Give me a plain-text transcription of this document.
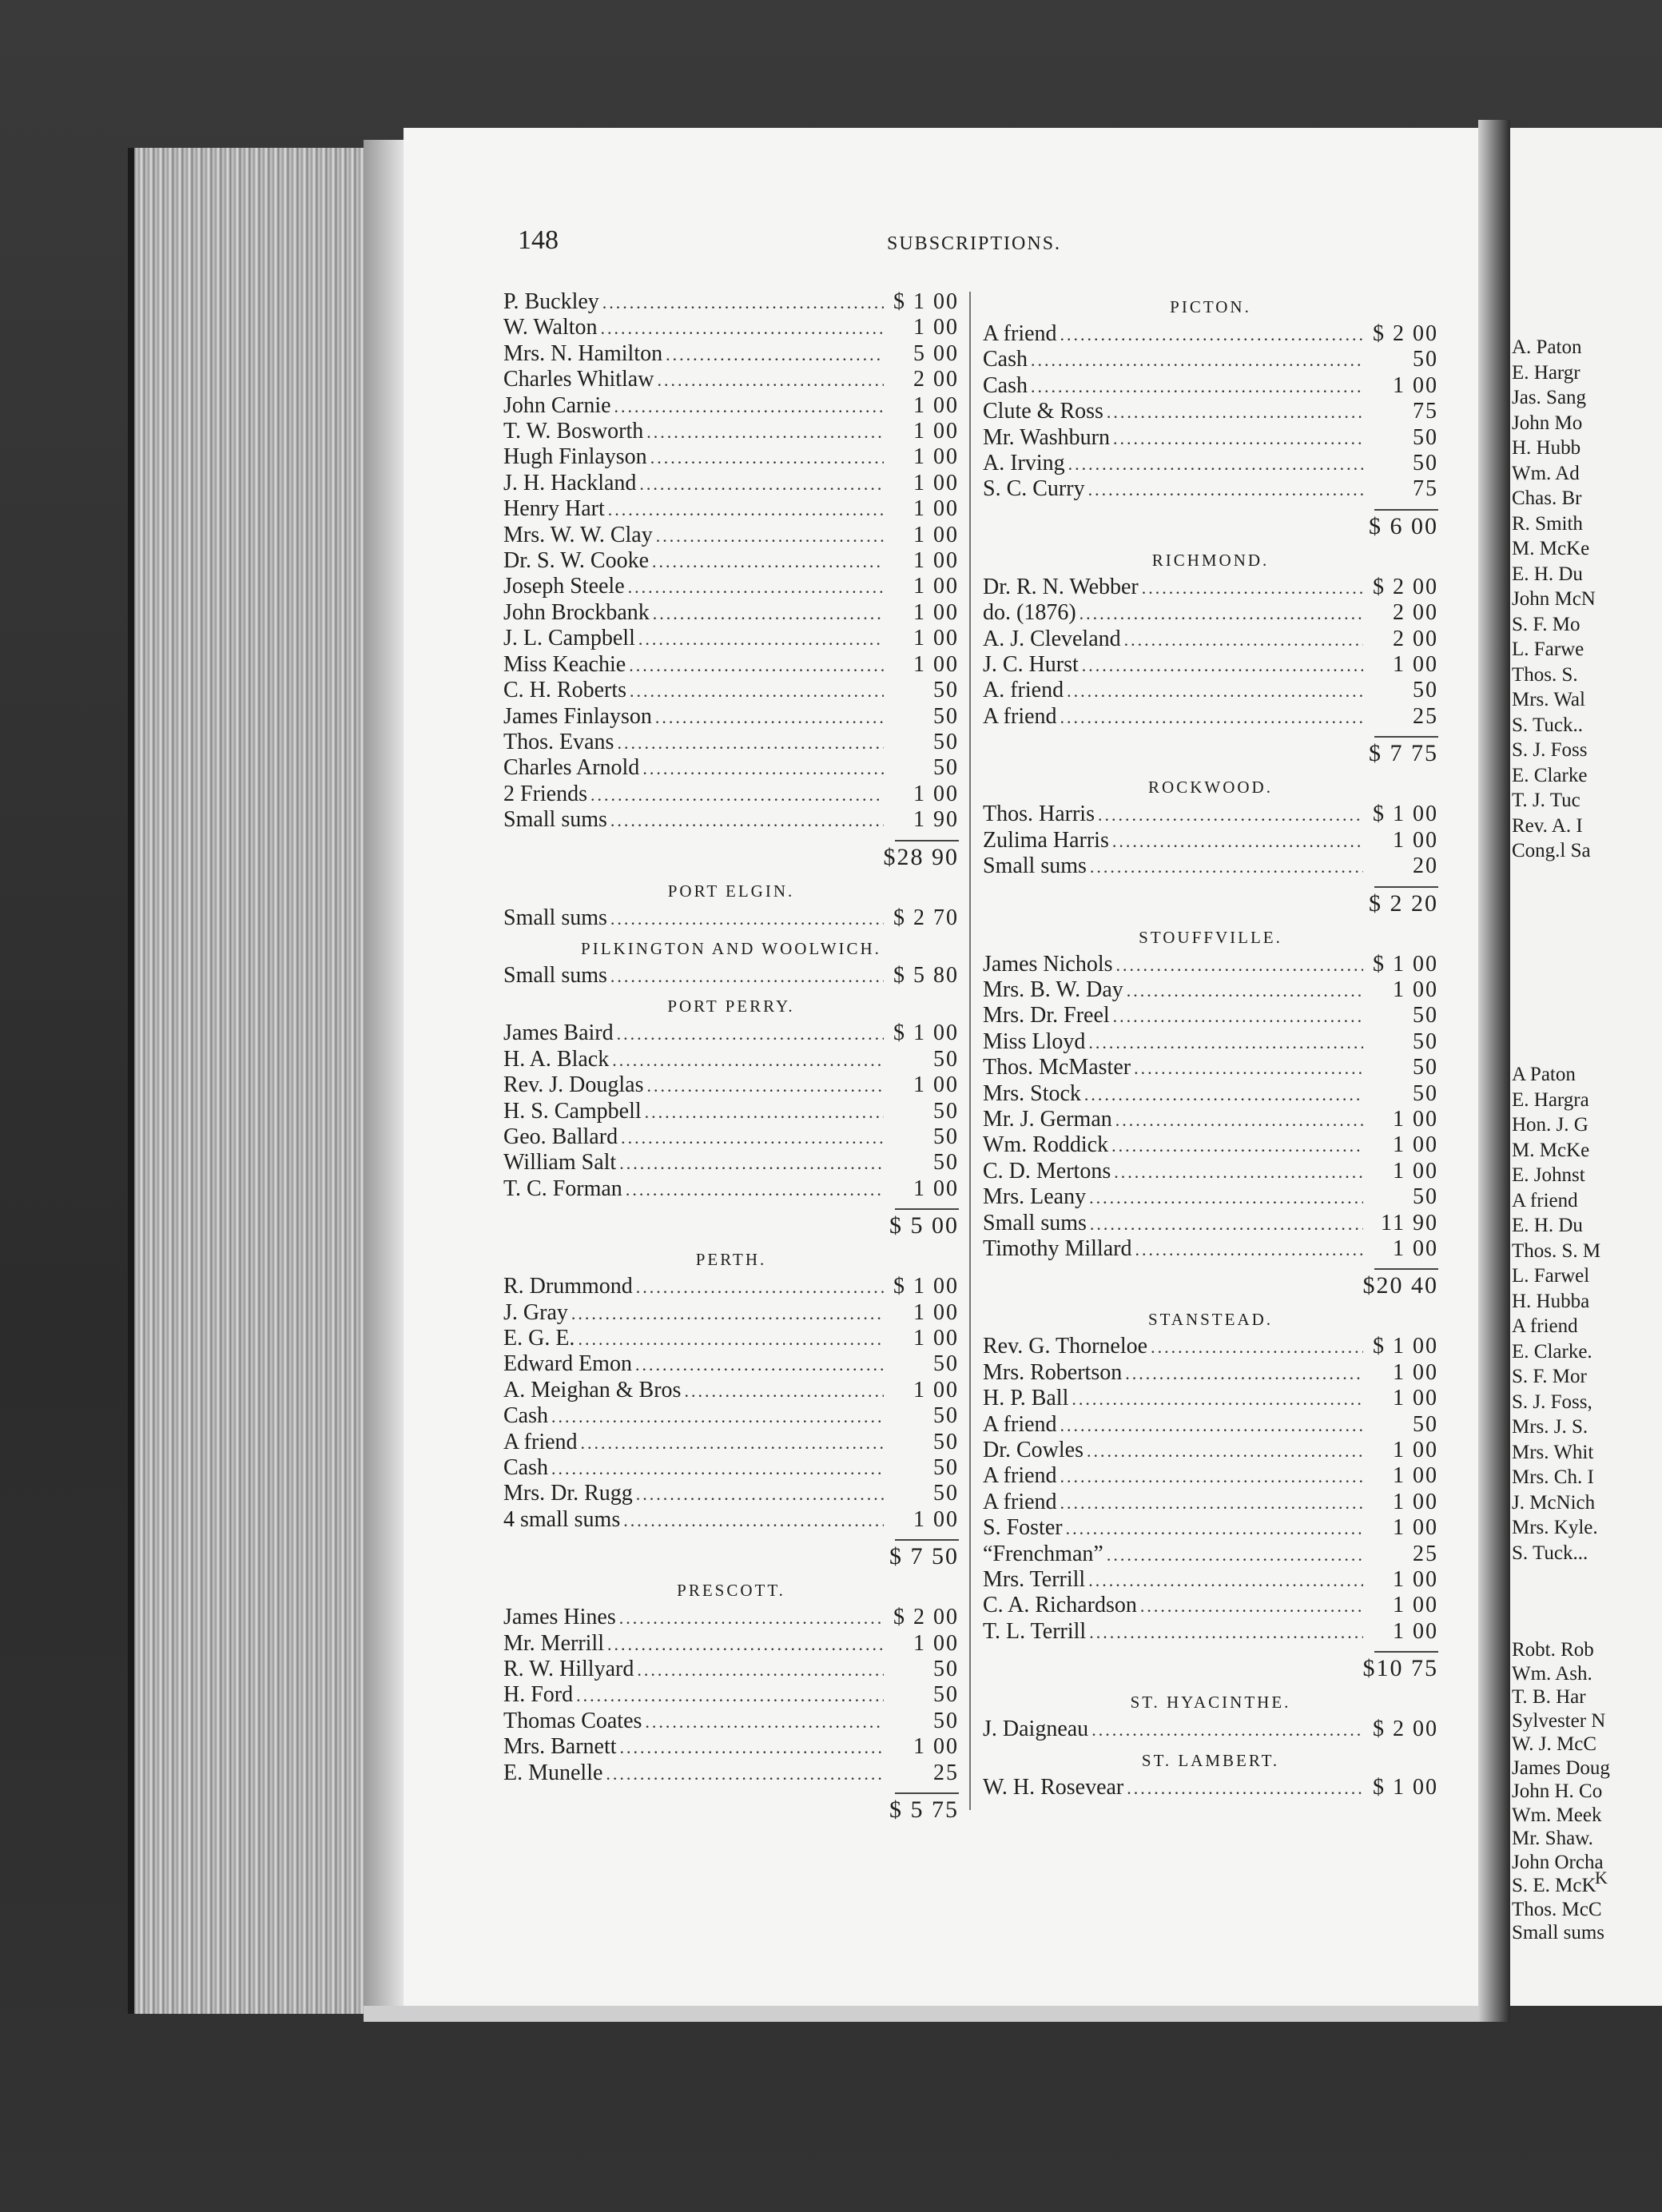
A. Paton
E. Hargr
Jas. Sang
John Mo
H. Hubb
Wm. Ad
Chas. Br
R. Smith
M. McKe
E. H. Du
John McN
S. F. Mo
L. Farwe
Thos. S.
Mrs. Wal
S. Tuck..
S. J. Foss
E. Clarke
T. J. Tuc
Rev. A. I
Cong.l Sa
A Paton
E. Hargra
Hon. J. G
M. McKe
E. Johnst
A friend
E. H. Du
Thos. S. M
L. Farwel
H. Hubba
A friend
E. Clarke.
S. F. Mor
S. J. Foss,
Mrs. J. S.
Mrs. Whit
Mrs. Ch. I
J. McNich
Mrs. Kyle.
S. Tuck...
Robt. Rob
Wm. Ash.
T. B. Har
Sylvester N
W. J. McC
James Doug
John H. Co
Wm. Meek
Mr. Shaw.
John Orcha
S. E. McK
Thos. McC
Small sums
148	SUBSCRIPTIONS.
P. Buckley .....	$ 1 00
W. Walton .....	1 00
Mrs. N. Hamilton .....	5 00
Charles Whitlaw .....	2 00
John Carnie .....	1 00
T. W. Bosworth .....	1 00
Hugh Finlayson .....	1 00
J. H. Hackland .....	1 00
Henry Hart .....	1 00
Mrs. W. W. Clay .....	1 00
Dr. S. W. Cooke .....	1 00
Joseph Steele .....	1 00
John Brockbank .....	1 00
J. L. Campbell .....	1 00
Miss Keachie .....	1 00
C. H. Roberts .....	50
James Finlayson .....	50
Thos. Evans .....	50
Charles Arnold .....	50
2 Friends .....	1 00
Small sums .....	1 90
$28 90
PORT ELGIN.
Small sums .....	$ 2 70
PILKINGTON AND WOOLWICH.
Small sums .....	$ 5 80
PORT PERRY.
James Baird .....	$ 1 00
H. A. Black .....	50
Rev. J. Douglas .....	1 00
H. S. Campbell .....	50
Geo. Ballard .....	50
William Salt .....	50
T. C. Forman .....	1 00
$ 5 00
PERTH.
R. Drummond .....	$ 1 00
J. Gray .....	1 00
E. G. E. .....	1 00
Edward Emon .....	50
A. Meighan & Bros .....	1 00
Cash .....	50
A friend .....	50
Cash .....	50
Mrs. Dr. Rugg .....	50
4 small sums .....	1 00
$ 7 50
PRESCOTT.
James Hines .....	$ 2 00
Mr. Merrill .....	1 00
R. W. Hillyard .....	50
H. Ford .....	50
Thomas Coates .....	50
Mrs. Barnett .....	1 00
E. Munelle .....	25
$ 5 75
PICTON.
A friend .....	$ 2 00
Cash .....	50
Cash .....	1 00
Clute & Ross .....	75
Mr. Washburn .....	50
A. Irving .....	50
S. C. Curry .....	75
$ 6 00
RICHMOND.
Dr. R. N. Webber .....	$ 2 00
do. (1876) .....	2 00
A. J. Cleveland .....	2 00
J. C. Hurst .....	1 00
A. friend .....	50
A friend .....	25
$ 7 75
ROCKWOOD.
Thos. Harris .....	$ 1 00
Zulima Harris .....	1 00
Small sums .....	20
$ 2 20
STOUFFVILLE.
James Nichols .....	$ 1 00
Mrs. B. W. Day .....	1 00
Mrs. Dr. Freel .....	50
Miss Lloyd .....	50
Thos. McMaster .....	50
Mrs. Stock .....	50
Mr. J. German .....	1 00
Wm. Roddick .....	1 00
C. D. Mertons .....	1 00
Mrs. Leany .....	50
Small sums .....	11 90
Timothy Millard .....	1 00
$20 40
STANSTEAD.
Rev. G. Thorneloe .....	$ 1 00
Mrs. Robertson .....	1 00
H. P. Ball .....	1 00
A friend .....	50
Dr. Cowles .....	1 00
A friend .....	1 00
A friend .....	1 00
S. Foster .....	1 00
“Frenchman” .....	25
Mrs. Terrill .....	1 00
C. A. Richardson .....	1 00
T. L. Terrill .....	1 00
$10 75
ST. HYACINTHE.
J. Daigneau .....	$ 2 00
ST. LAMBERT.
W. H. Rosevear .....	$ 1 00
K
